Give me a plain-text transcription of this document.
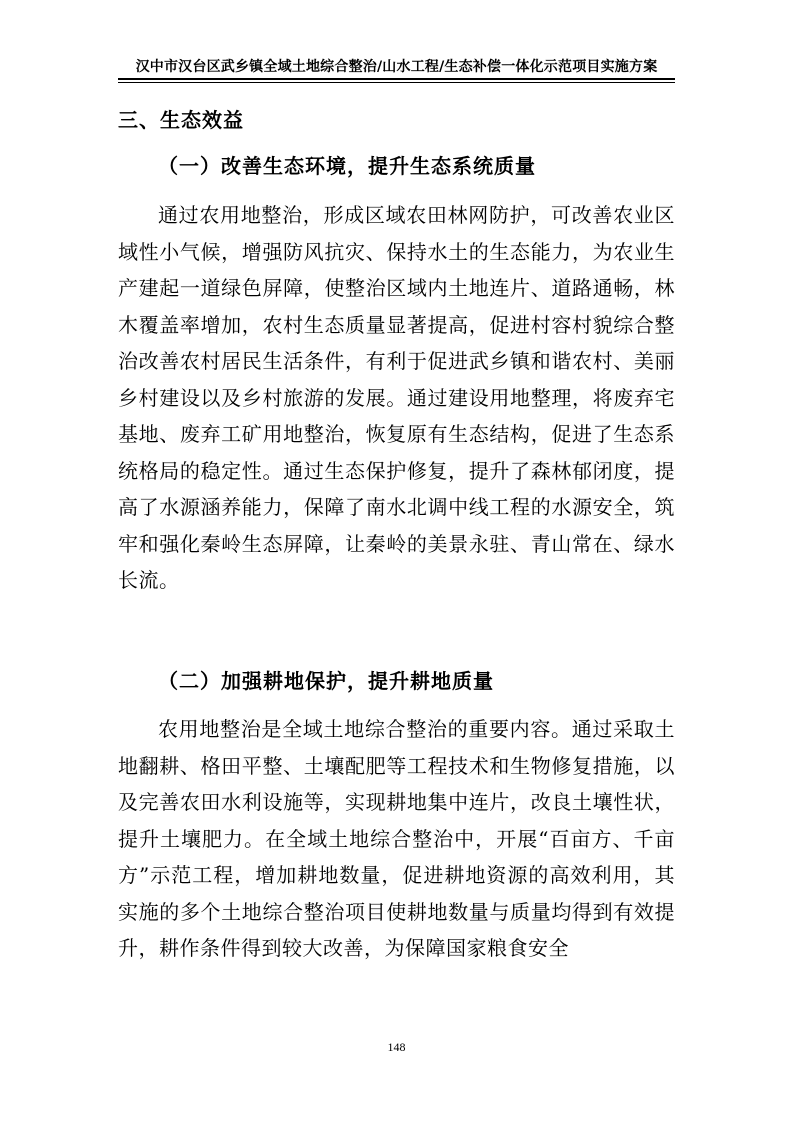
汉中市汉台区武乡镇全域土地综合整治/山水工程/生态补偿一体化示范项目实施方案
三、生态效益
（一）改善生态环境，提升生态系统质量
通过农用地整治，形成区域农田林网防护，可改善农业区域性小气候，增强防风抗灾、保持水土的生态能力，为农业生产建起一道绿色屏障，使整治区域内土地连片、道路通畅，林木覆盖率增加，农村生态质量显著提高，促进村容村貌综合整治改善农村居民生活条件，有利于促进武乡镇和谐农村、美丽乡村建设以及乡村旅游的发展。通过建设用地整理，将废弃宅基地、废弃工矿用地整治，恢复原有生态结构，促进了生态系统格局的稳定性。通过生态保护修复，提升了森林郁闭度，提高了水源涵养能力，保障了南水北调中线工程的水源安全，筑牢和强化秦岭生态屏障，让秦岭的美景永驻、青山常在、绿水长流。
（二）加强耕地保护，提升耕地质量
农用地整治是全域土地综合整治的重要内容。通过采取土地翻耕、格田平整、土壤配肥等工程技术和生物修复措施，以及完善农田水利设施等，实现耕地集中连片，改良土壤性状，提升土壤肥力。在全域土地综合整治中，开展“百亩方、千亩方”示范工程，增加耕地数量，促进耕地资源的高效利用，其实施的多个土地综合整治项目使耕地数量与质量均得到有效提升，耕作条件得到较大改善，为保障国家粮食安全
148
